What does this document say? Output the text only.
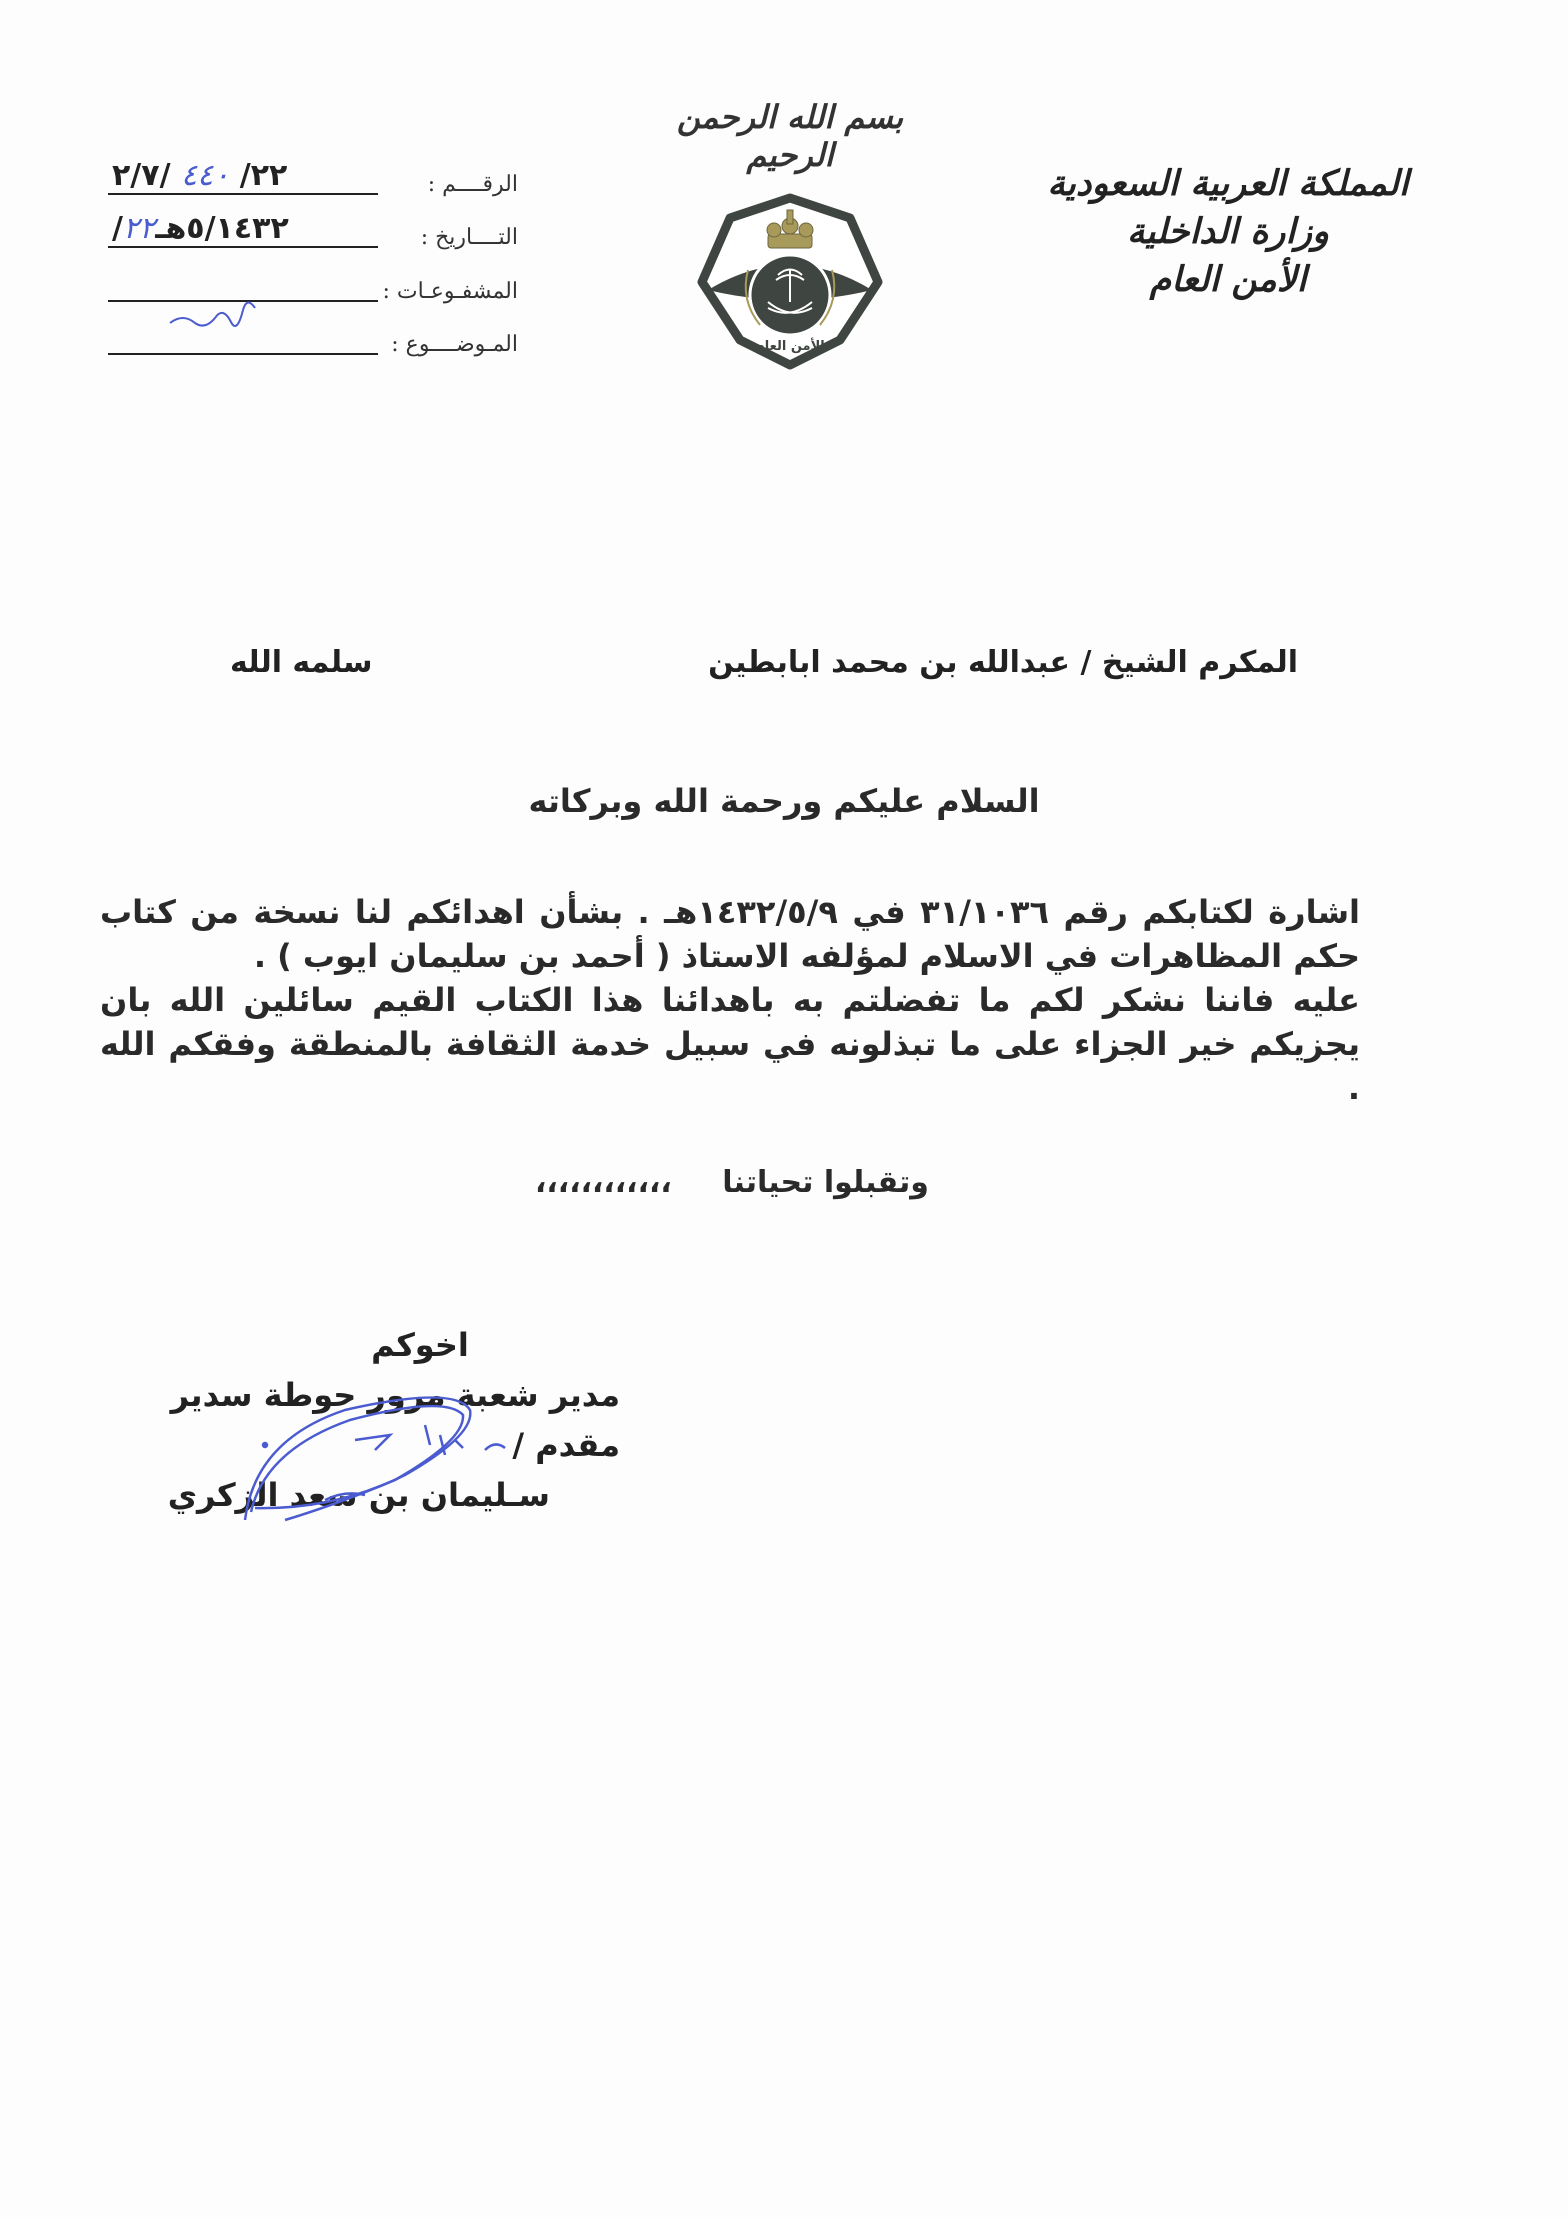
بسم الله الرحمن الرحيم
المملكة العربية السعودية
وزارة الداخلية
الأمن العام
الأمن العام
الرقــــم :
٢٢/ ٤٤٠ /٢/٧
التــــاريخ :
/٥/١٤٣٢هـ٢٢
المشفـوعـات :
المـوضــــوع :
المكرم الشيخ / عبدالله بن محمد ابابطين
سلمه الله
السلام عليكم ورحمة الله وبركاته

اشارة لكتابكم رقم ٣١/١٠٣٦ في ١٤٣٢/٥/٩هـ . بشأن اهدائكم لنا نسخة من كتاب حكم المظاهرات في الاسلام لمؤلفه الاستاذ ( أحمد بن سليمان ايوب ) .

عليه فاننا نشكر لكم ما تفضلتم به باهدائنا هذا الكتاب القيم سائلين الله بان يجزيكم خير الجزاء على ما تبذلونه في سبيل خدمة الثقافة بالمنطقة وفقكم الله .

وتقبلوا تحياتنا ،،،،،،،،،،،،
اخوكم
مدير شعبة مرور حوطة سدير
مقدم /
سـليمان بن سعد الزكري
